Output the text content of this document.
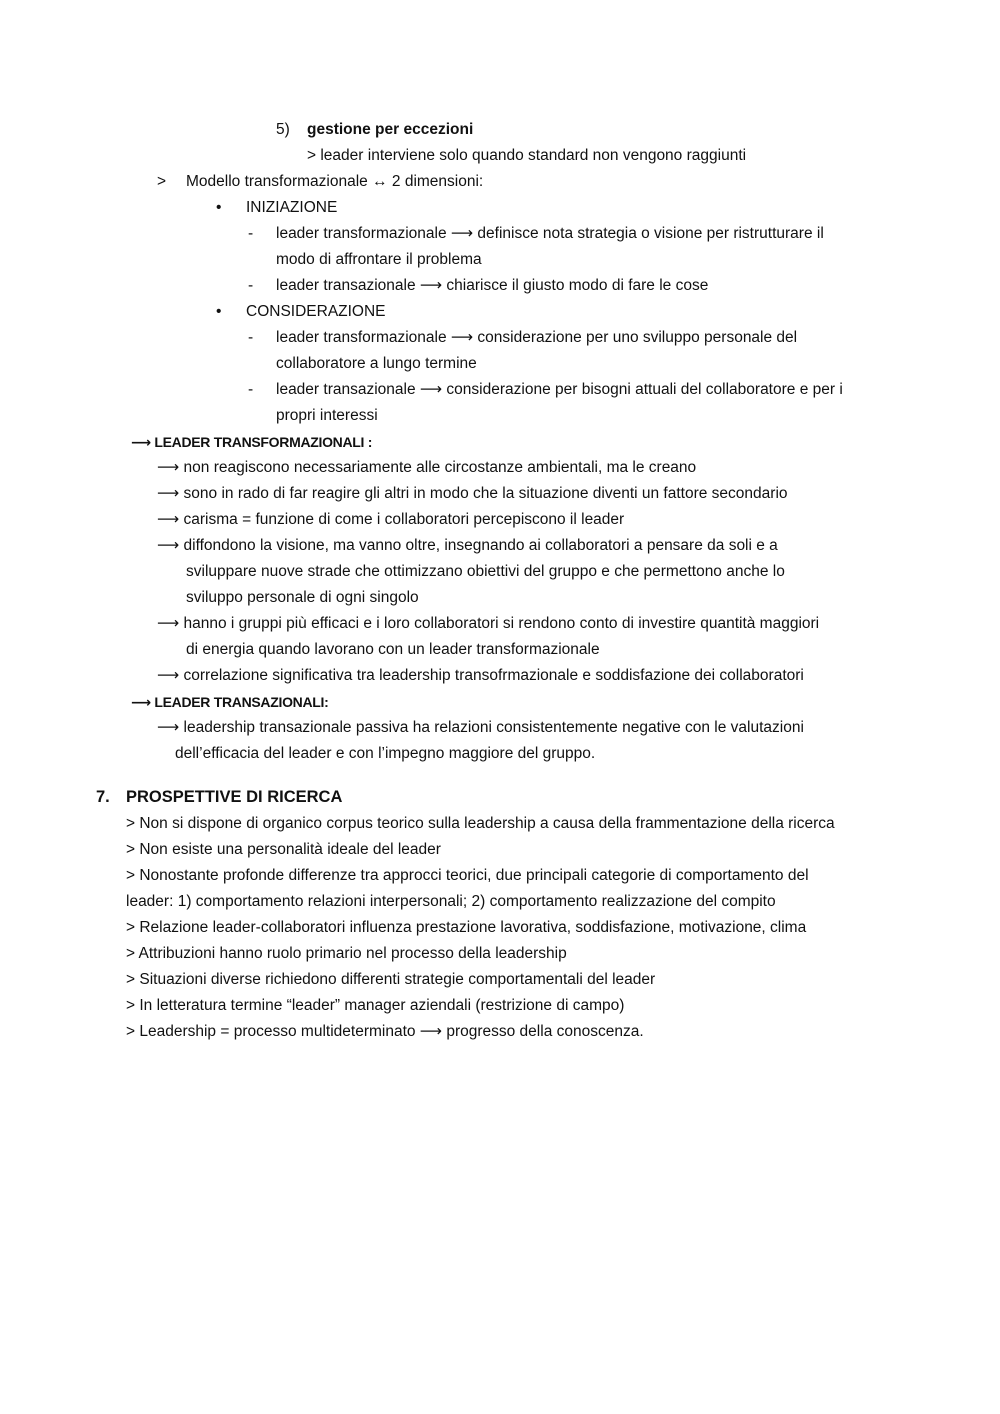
5) gestione per eccezioni
> leader interviene solo quando standard non vengono raggiunti
> Modello transformazionale ↔ 2 dimensioni:
• INIZIAZIONE
- leader transformazionale ⟶ definisce nota strategia o visione per ristrutturare il
modo di affrontare il problema
- leader transazionale ⟶ chiarisce il giusto modo di fare le cose
• CONSIDERAZIONE
- leader transformazionale ⟶ considerazione per uno sviluppo personale del
collaboratore a lungo termine
- leader transazionale ⟶ considerazione per bisogni attuali del collaboratore e per i
propri interessi
⟶ LEADER TRANSFORMAZIONALI :
⟶ non reagiscono necessariamente alle circostanze ambientali, ma le creano
⟶ sono in rado di far reagire gli altri in modo che la situazione diventi un fattore secondario
⟶ carisma = funzione di come i collaboratori percepiscono il leader
⟶ diffondono la visione, ma vanno oltre, insegnando ai collaboratori a pensare da soli e a
sviluppare nuove strade che ottimizzano obiettivi del gruppo e che permettono anche lo
sviluppo personale di ogni singolo
⟶ hanno i gruppi più efficaci e i loro collaboratori si rendono conto di investire quantità maggiori
di energia quando lavorano con un leader transformazionale
⟶ correlazione significativa tra leadership transofrmazionale e soddisfazione dei collaboratori
⟶ LEADER TRANSAZIONALI:
⟶ leadership transazionale passiva ha relazioni consistentemente negative con le valutazioni
dell’efficacia del leader e con l’impegno maggiore del gruppo.
7. PROSPETTIVE DI RICERCA
> Non si dispone di organico corpus teorico sulla leadership a causa della frammentazione della ricerca
> Non esiste una personalità ideale del leader
> Nonostante profonde differenze tra approcci teorici, due principali categorie di comportamento del
leader: 1) comportamento relazioni interpersonali; 2) comportamento realizzazione del compito
> Relazione leader-collaboratori influenza prestazione lavorativa, soddisfazione, motivazione, clima
> Attribuzioni hanno ruolo primario nel processo della leadership
> Situazioni diverse richiedono differenti strategie comportamentali del leader
> In letteratura termine “leader” manager aziendali (restrizione di campo)
> Leadership = processo multideterminato ⟶ progresso della conoscenza.
